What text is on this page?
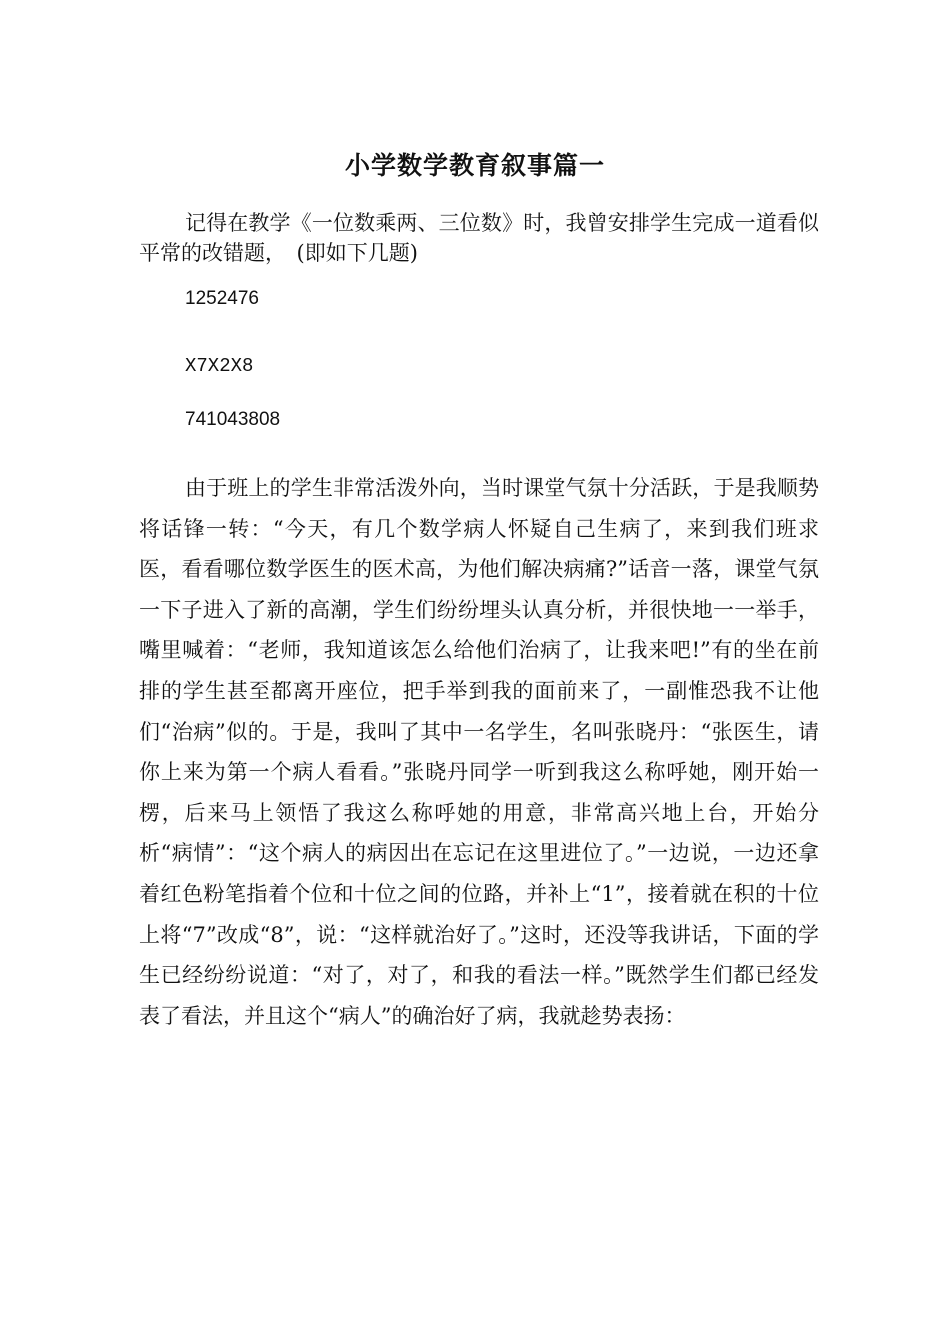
小学数学教育叙事篇一

记得在教学《一位数乘两、三位数》时，我曾安排学生完成一道看似平常的改错题，　(即如下几题)

1252476

X7X2X8

741043808

由于班上的学生非常活泼外向，当时课堂气氛十分活跃，于是我顺势将话锋一转：“今天，有几个数学病人怀疑自己生病了，来到我们班求医，看看哪位数学医生的医术高，为他们解决病痛?”话音一落，课堂气氛一下子进入了新的高潮，学生们纷纷埋头认真分析，并很快地一一举手，嘴里喊着：“老师，我知道该怎么给他们治病了，让我来吧!”有的坐在前排的学生甚至都离开座位，把手举到我的面前来了，一副惟恐我不让他们“治病”似的。于是，我叫了其中一名学生，名叫张晓丹：“张医生，请你上来为第一个病人看看。”张晓丹同学一听到我这么称呼她，刚开始一楞，后来马上领悟了我这么称呼她的用意，非常高兴地上台，开始分析“病情”：“这个病人的病因出在忘记在这里进位了。”一边说，一边还拿着红色粉笔指着个位和十位之间的位路，并补上“1”，接着就在积的十位上将“7”改成“8”，说：“这样就治好了。”这时，还没等我讲话，下面的学生已经纷纷说道：“对了，对了，和我的看法一样。”既然学生们都已经发表了看法，并且这个“病人”的确治好了病，我就趁势表扬：
